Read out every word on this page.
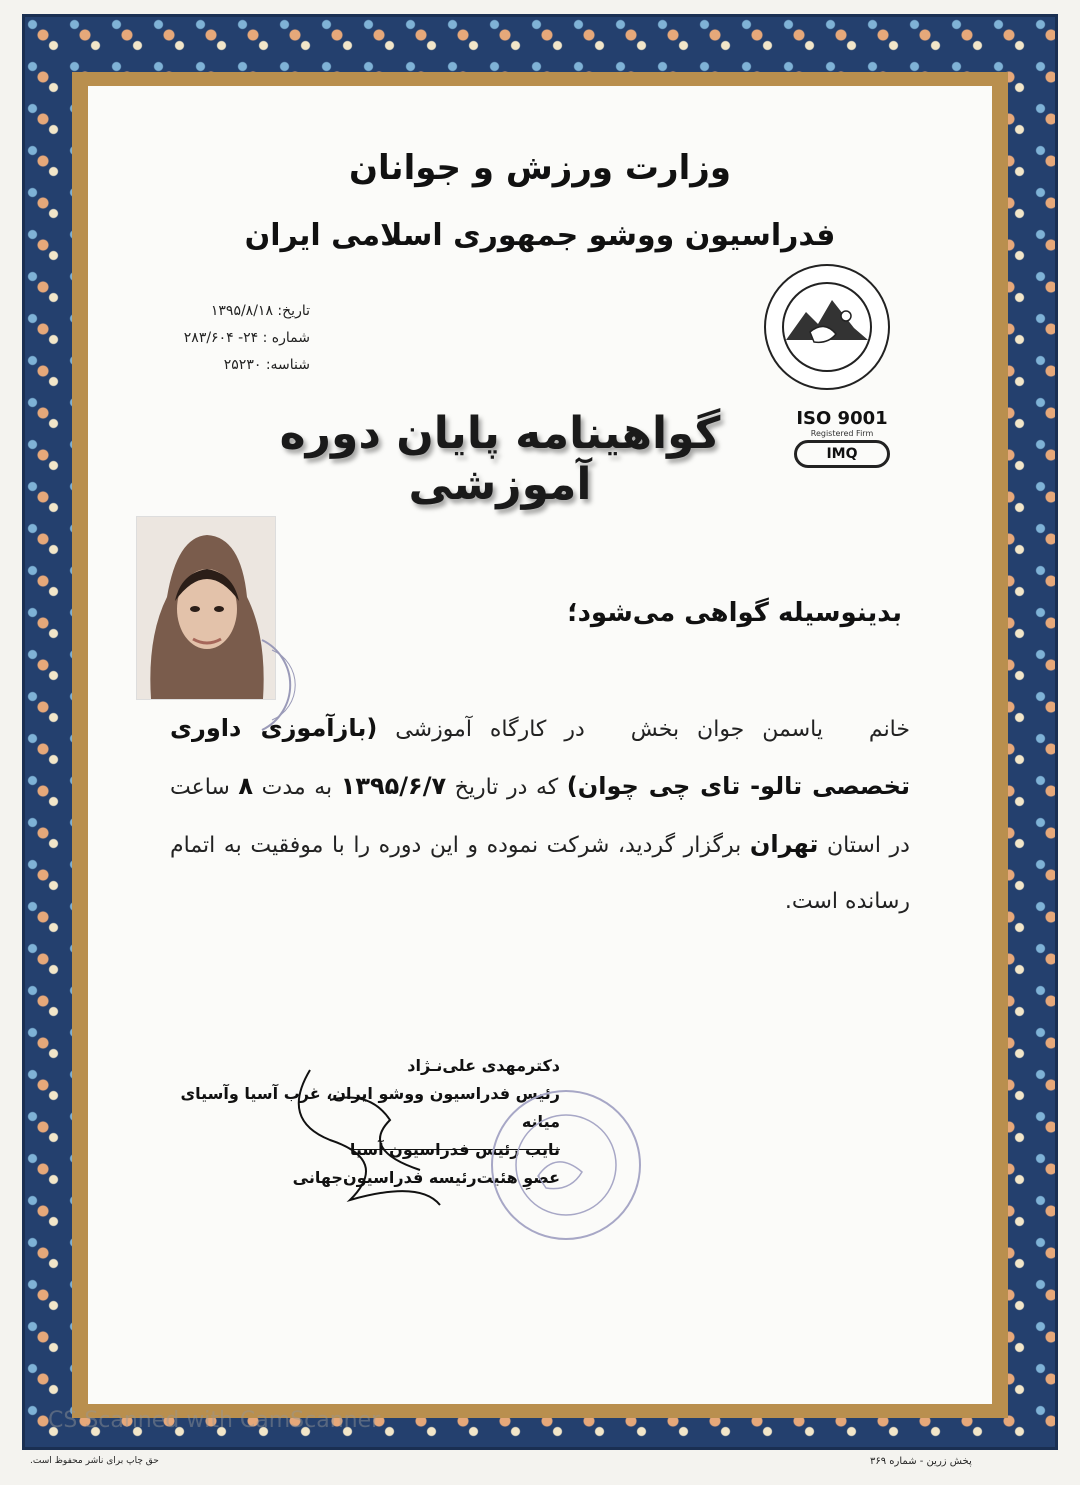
وزارت ورزش و جوانان
فدراسیون ووشو جمهوری اسلامی ایران
تاریخ: ۱۳۹۵/۸/۱۸
شماره : ۲۴- ۲۸۳/۶۰۴
شناسه: ۲۵۲۳۰
ISO 9001
Registered Firm
IMQ
گواهینامه پایان دوره آموزشی
بدینوسیله گواهی می‌شود؛
خانم یاسمن جوان بخش در کارگاه آموزشی (بازآموزی داوری تخصصی تالو- تای چی چوان) که در تاریخ ۱۳۹۵/۶/۷ به مدت ۸ ساعت در استان تهران برگزار گردید، شرکت نموده و این دوره را با موفقیت به اتمام رسانده است.
دکترمهدی علی‌نـژاد
رئیس فدراسیون ووشو ایران، غرب آسیا وآسیای میانه
نایب رئیس فدراسیون آسیا
عضوِ هئیت‌رئیسه فدراسیون‌جهانی
CS Scanned with CamScanner
پخش زرین - شماره ۳۶۹
حق چاپ برای ناشر محفوظ است.
